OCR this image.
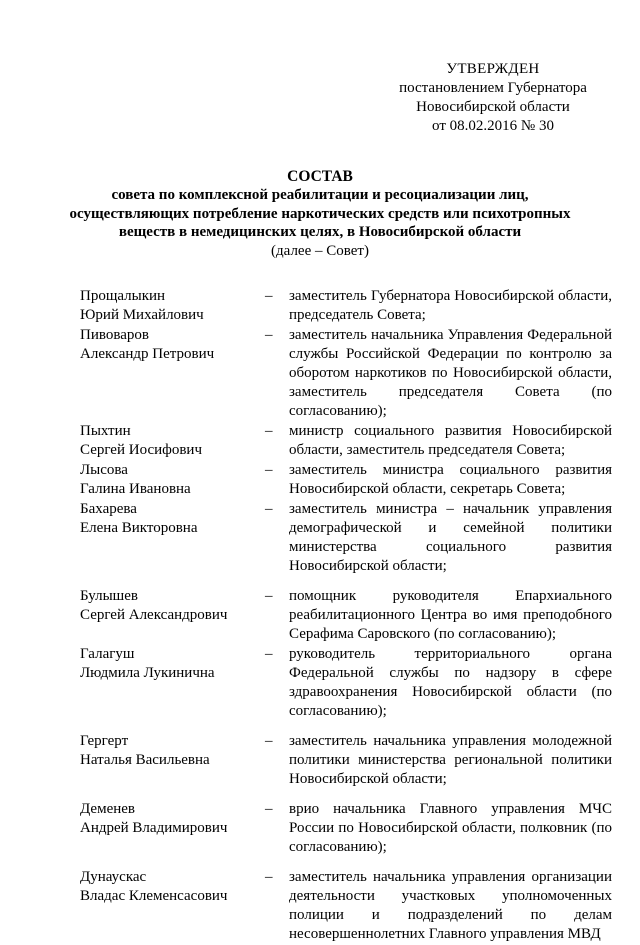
УТВЕРЖДЕН
постановлением Губернатора
Новосибирской области
от 08.02.2016 № 30
СОСТАВ
совета по комплексной реабилитации и ресоциализации лиц,
осуществляющих потребление наркотических средств или психотропных
веществ в немедицинских целях, в Новосибирской области
(далее – Совет)
Прощалыкин
Юрий Михайлович
–	заместитель Губернатора Новосибирской области, председатель Совета;
Пивоваров
Александр Петрович
–	заместитель начальника Управления Федеральной службы Российской Федерации по контролю за оборотом наркотиков по Новосибирской области, заместитель председателя Совета (по согласованию);
Пыхтин
Сергей Иосифович
–	министр социального развития Новосибирской области, заместитель председателя Совета;
Лысова
Галина Ивановна
–	заместитель министра социального развития Новосибирской области, секретарь Совета;
Бахарева
Елена Викторовна
–	заместитель министра – начальник управления демографической и семейной политики министерства социального развития Новосибирской области;
Булышев
Сергей Александрович
–	помощник руководителя Епархиального реабилитационного Центра во имя преподобного Серафима Саровского (по согласованию);
Галагуш
Людмила Лукинична
–	руководитель территориального органа Федеральной службы по надзору в сфере здравоохранения Новосибирской области (по согласованию);
Гергерт
Наталья Васильевна
–	заместитель начальника управления молодежной политики министерства региональной политики Новосибирской области;
Деменев
Андрей Владимирович
–	врио начальника Главного управления МЧС России по Новосибирской области, полковник (по согласованию);
Дунаускас
Владас Клеменсасович
–	заместитель начальника управления организации деятельности участковых уполномоченных полиции и подразделений по делам несовершеннолетних Главного управления МВД
